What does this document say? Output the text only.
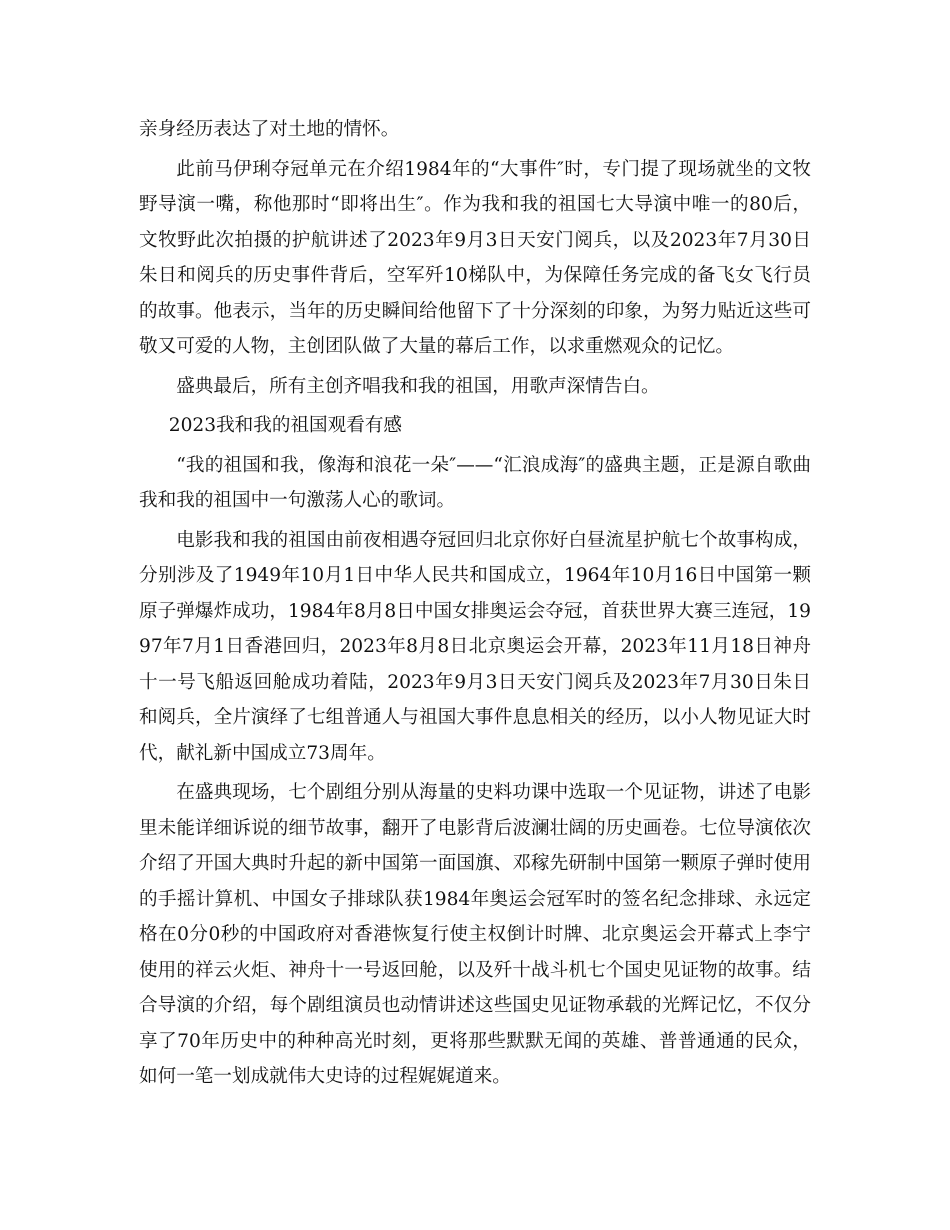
亲身经历表达了对土地的情怀。

此前马伊琍夺冠单元在介绍1984年的“大事件″时，专门提了现场就坐的文牧野导演一嘴，称他那时“即将出生″。作为我和我的祖国七大导演中唯一的80后，文牧野此次拍摄的护航讲述了2023年9月3日天安门阅兵，以及2023年7月30日朱日和阅兵的历史事件背后，空军歼10梯队中，为保障任务完成的备飞女飞行员的故事。他表示，当年的历史瞬间给他留下了十分深刻的印象，为努力贴近这些可敬又可爱的人物，主创团队做了大量的幕后工作，以求重燃观众的记忆。

盛典最后，所有主创齐唱我和我的祖国，用歌声深情告白。

2023我和我的祖国观看有感

“我的祖国和我，像海和浪花一朵″——“汇浪成海″的盛典主题，正是源自歌曲我和我的祖国中一句激荡人心的歌词。

电影我和我的祖国由前夜相遇夺冠回归北京你好白昼流星护航七个故事构成，分别涉及了1949年10月1日中华人民共和国成立，1964年10月16日中国第一颗原子弹爆炸成功，1984年8月8日中国女排奥运会夺冠，首获世界大赛三连冠，1997年7月1日香港回归，2023年8月8日北京奥运会开幕，2023年11月18日神舟十一号飞船返回舱成功着陆，2023年9月3日天安门阅兵及2023年7月30日朱日和阅兵，全片演绎了七组普通人与祖国大事件息息相关的经历，以小人物见证大时代，献礼新中国成立73周年。

在盛典现场，七个剧组分别从海量的史料功课中选取一个见证物，讲述了电影里未能详细诉说的细节故事，翻开了电影背后波澜壮阔的历史画卷。七位导演依次介绍了开国大典时升起的新中国第一面国旗、邓稼先研制中国第一颗原子弹时使用的手摇计算机、中国女子排球队获1984年奥运会冠军时的签名纪念排球、永远定格在0分0秒的中国政府对香港恢复行使主权倒计时牌、北京奥运会开幕式上李宁使用的祥云火炬、神舟十一号返回舱，以及歼十战斗机七个国史见证物的故事。结合导演的介绍，每个剧组演员也动情讲述这些国史见证物承载的光辉记忆，不仅分享了70年历史中的种种高光时刻，更将那些默默无闻的英雄、普普通通的民众，如何一笔一划成就伟大史诗的过程娓娓道来。
